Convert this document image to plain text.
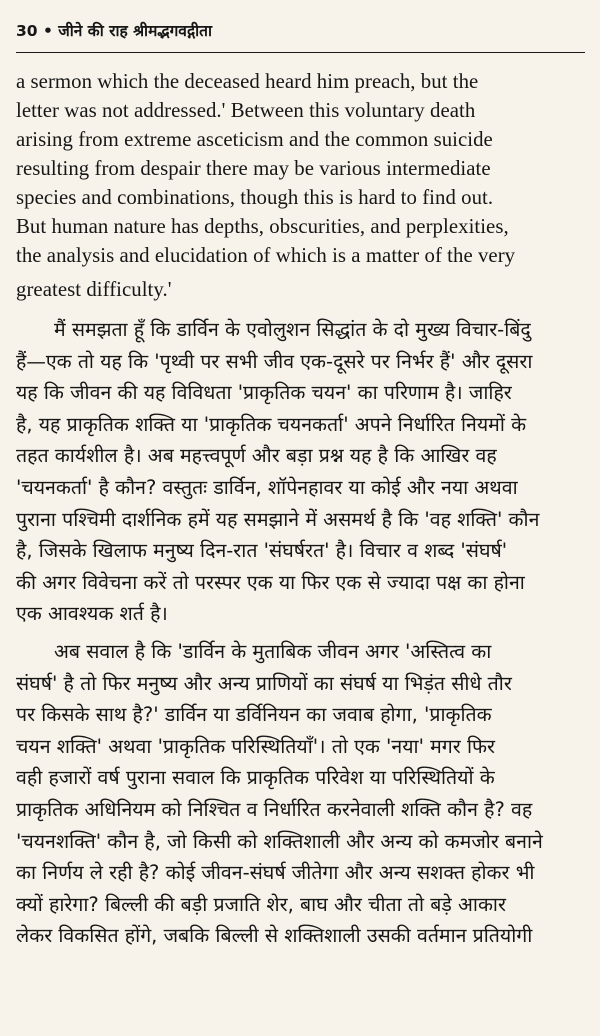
30 • जीने की राह श्रीमद्भगवद्गीता
a sermon which the deceased heard him preach, but the
letter was not addressed.' Between this voluntary death
arising from extreme asceticism and the common suicide
resulting from despair there may be various intermediate
species and combinations, though this is hard to find out.
But human nature has depths, obscurities, and perplexities,
the analysis and elucidation of which is a matter of the very
greatest difficulty.'
मैं समझता हूँ कि डार्विन के एवोलुशन सिद्धांत के दो मुख्य विचार-बिंदु
हैं—एक तो यह कि 'पृथ्वी पर सभी जीव एक-दूसरे पर निर्भर हैं' और दूसरा
यह कि जीवन की यह विविधता 'प्राकृतिक चयन' का परिणाम है। जाहिर
है, यह प्राकृतिक शक्ति या 'प्राकृतिक चयनकर्ता' अपने निर्धारित नियमों के
तहत कार्यशील है। अब महत्त्वपूर्ण और बड़ा प्रश्न यह है कि आखिर वह
'चयनकर्ता' है कौन? वस्तुतः डार्विन, शॉपेनहावर या कोई और नया अथवा
पुराना पश्चिमी दार्शनिक हमें यह समझाने में असमर्थ है कि 'वह शक्ति' कौन
है, जिसके खिलाफ मनुष्य दिन-रात 'संघर्षरत' है। विचार व शब्द 'संघर्ष'
की अगर विवेचना करें तो परस्पर एक या फिर एक से ज्यादा पक्ष का होना
एक आवश्यक शर्त है।
अब सवाल है कि 'डार्विन के मुताबिक जीवन अगर 'अस्तित्व का
संघर्ष' है तो फिर मनुष्य और अन्य प्राणियों का संघर्ष या भिड़ंत सीधे तौर
पर किसके साथ है?' डार्विन या डर्विनियन का जवाब होगा, 'प्राकृतिक
चयन शक्ति' अथवा 'प्राकृतिक परिस्थितियाँ'। तो एक 'नया' मगर फिर
वही हजारों वर्ष पुराना सवाल कि प्राकृतिक परिवेश या परिस्थितियों के
प्राकृतिक अधिनियम को निश्चित व निर्धारित करनेवाली शक्ति कौन है? वह
'चयनशक्ति' कौन है, जो किसी को शक्तिशाली और अन्य को कमजोर बनाने
का निर्णय ले रही है? कोई जीवन-संघर्ष जीतेगा और अन्य सशक्त होकर भी
क्यों हारेगा? बिल्ली की बड़ी प्रजाति शेर, बाघ और चीता तो बड़े आकार
लेकर विकसित होंगे, जबकि बिल्ली से शक्तिशाली उसकी वर्तमान प्रतियोगी
